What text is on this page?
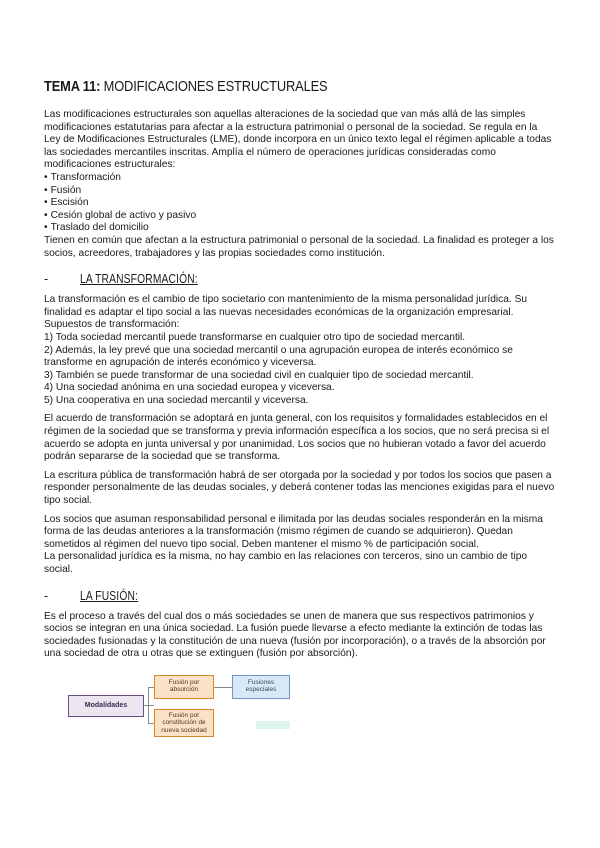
TEMA 11: MODIFICACIONES ESTRUCTURALES

Las modificaciones estructurales son aquellas alteraciones de la sociedad que van más allá de las simples modificaciones estatutarias para afectar a la estructura patrimonial o personal de la sociedad. Se regula en la Ley de Modificaciones Estructurales (LME), donde incorpora en un único texto legal el régimen aplicable a todas las sociedades mercantiles inscritas. Amplía el número de operaciones jurídicas consideradas como modificaciones estructurales:

• Transformación
• Fusión
• Escisión
• Cesión global de activo y pasivo
• Traslado del domicilio

Tienen en común que afectan a la estructura patrimonial o personal de la sociedad. La finalidad es proteger a los socios, acreedores, trabajadores y las propias sociedades como institución.

-	LA TRANSFORMACIÓN:

La transformación es el cambio de tipo societario con mantenimiento de la misma personalidad jurídica. Su finalidad es adaptar el tipo social a las nuevas necesidades económicas de la organización empresarial.

Supuestos de transformación:

1) Toda sociedad mercantil puede transformarse en cualquier otro tipo de sociedad mercantil.

2) Además, la ley prevé que una sociedad mercantil o una agrupación europea de interés económico se transforme en agrupación de interés económico y viceversa.

3) También se puede transformar de una sociedad civil en cualquier tipo de sociedad mercantil.

4) Una sociedad anónima en una sociedad europea y viceversa.

5) Una cooperativa en una sociedad mercantil y viceversa.

El acuerdo de transformación se adoptará en junta general, con los requisitos y formalidades establecidos en el régimen de la sociedad que se transforma y previa información específica a los socios, que no será precisa si el acuerdo se adopta en junta universal y por unanimidad. Los socios que no hubieran votado a favor del acuerdo podrán separarse de la sociedad que se transforma.

La escritura pública de transformación habrá de ser otorgada por la sociedad y por todos los socios que pasen a responder personalmente de las deudas sociales, y deberá contener todas las menciones exigidas para el nuevo tipo social.

Los socios que asuman responsabilidad personal e ilimitada por las deudas sociales responderán en la misma forma de las deudas anteriores a la transformación (mismo régimen de cuando se adquirieron). Quedan sometidos al régimen del nuevo tipo social. Deben mantener el mismo % de participación social.

La personalidad jurídica es la misma, no hay cambio en las relaciones con terceros, sino un cambio de tipo social.

-	LA FUSIÓN:

Es el proceso a través del cual dos o más sociedades se unen de manera que sus respectivos patrimonios y socios se integran en una única sociedad. La fusión puede llevarse a efecto mediante la extinción de todas las sociedades fusionadas y la constitución de una nueva (fusión por incorporación), o a través de la absorción por una sociedad de otra u otras que se extinguen (fusión por absorción).

Modalidades
Fusión por absorción
Fusión por constitución de nueva sociedad
Fusiones especiales
